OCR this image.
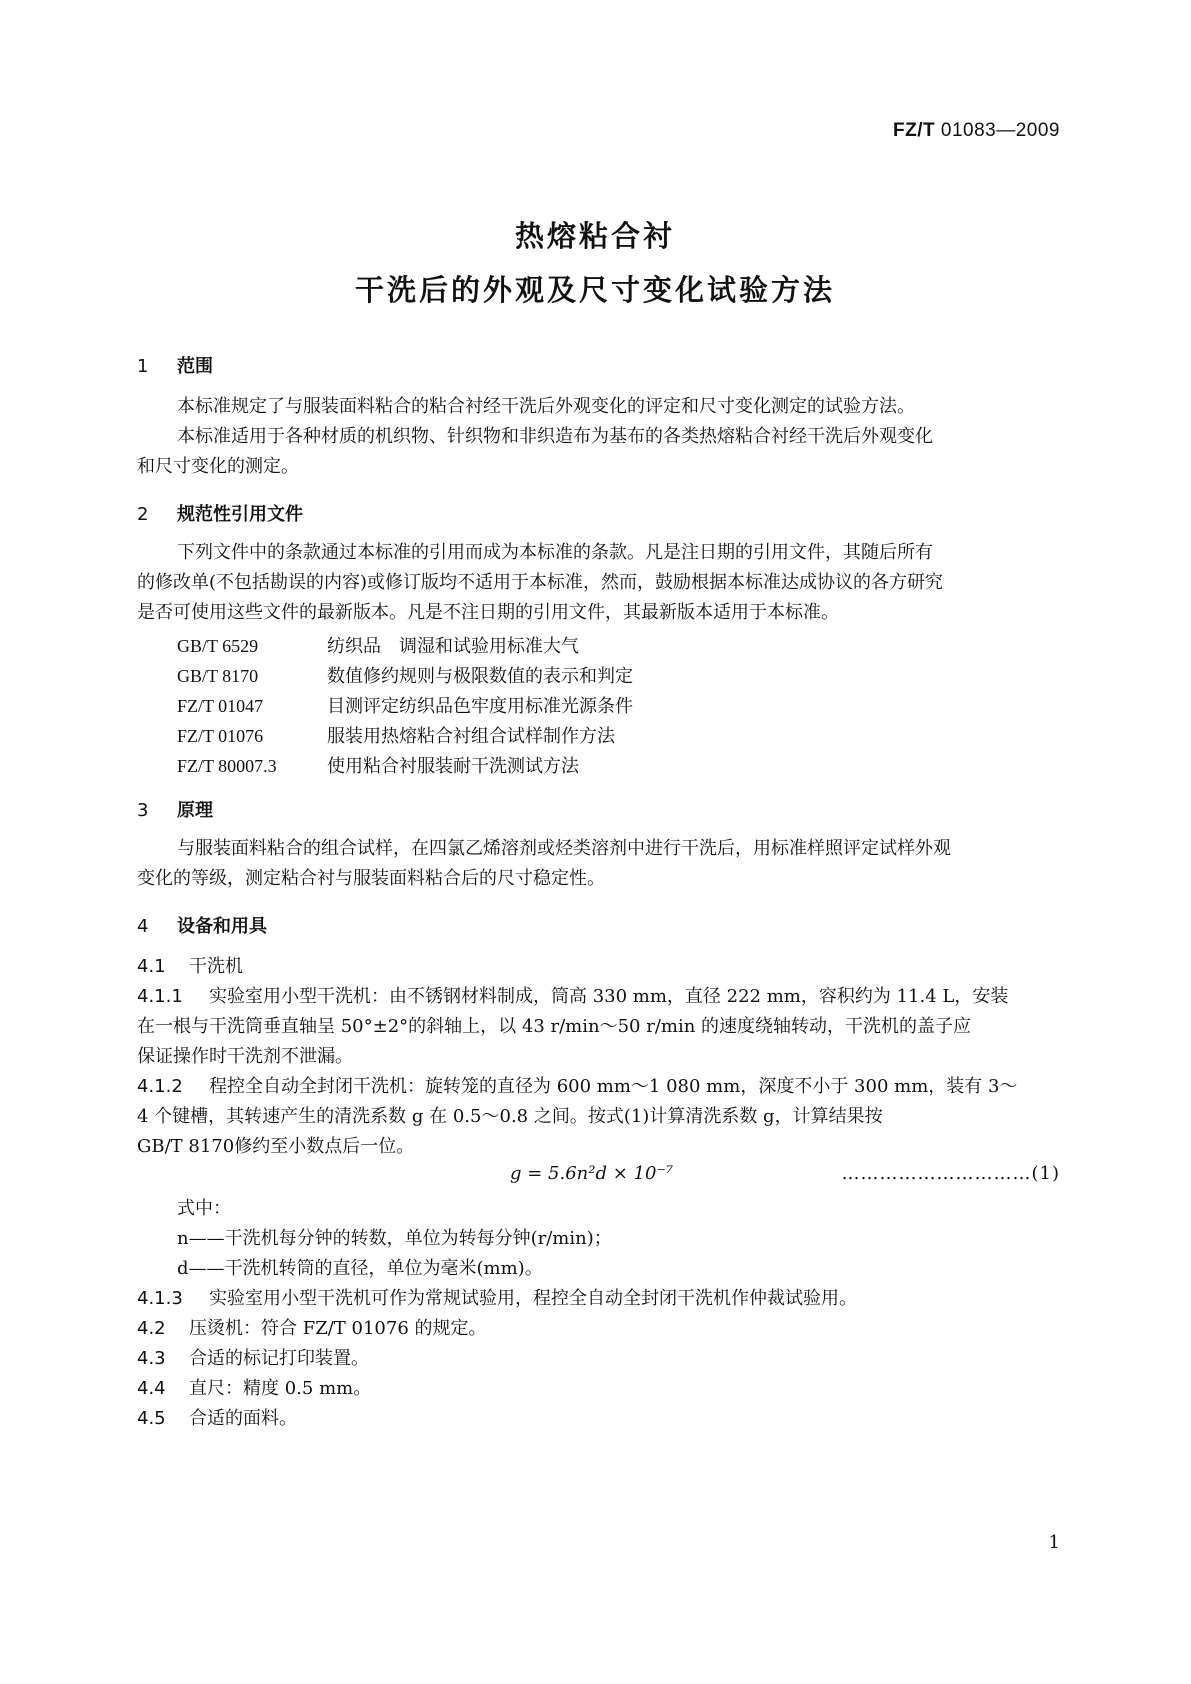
FZ/T 01083—2009
热熔粘合衬
干洗后的外观及尺寸变化试验方法
1 范围
本标准规定了与服装面料粘合的粘合衬经干洗后外观变化的评定和尺寸变化测定的试验方法。
本标准适用于各种材质的机织物、针织物和非织造布为基布的各类热熔粘合衬经干洗后外观变化
和尺寸变化的测定。
2 规范性引用文件
下列文件中的条款通过本标准的引用而成为本标准的条款。凡是注日期的引用文件，其随后所有
的修改单(不包括勘误的内容)或修订版均不适用于本标准，然而，鼓励根据本标准达成协议的各方研究
是否可使用这些文件的最新版本。凡是不注日期的引用文件，其最新版本适用于本标准。
GB/T 6529	纺织品　调湿和试验用标准大气
GB/T 8170	数值修约规则与极限数值的表示和判定
FZ/T 01047	目测评定纺织品色牢度用标准光源条件
FZ/T 01076	服装用热熔粘合衬组合试样制作方法
FZ/T 80007.3	使用粘合衬服装耐干洗测试方法
3 原理
与服装面料粘合的组合试样，在四氯乙烯溶剂或烃类溶剂中进行干洗后，用标准样照评定试样外观
变化的等级，测定粘合衬与服装面料粘合后的尺寸稳定性。
4 设备和用具
4.1 干洗机
4.1.1 实验室用小型干洗机：由不锈钢材料制成，筒高 330 mm，直径 222 mm，容积约为 11.4 L，安装
在一根与干洗筒垂直轴呈 50°±2°的斜轴上，以 43 r/min～50 r/min 的速度绕轴转动，干洗机的盖子应
保证操作时干洗剂不泄漏。
4.1.2 程控全自动全封闭干洗机：旋转笼的直径为 600 mm～1 080 mm，深度不小于 300 mm，装有 3～
4 个键槽，其转速产生的清洗系数 g 在 0.5～0.8 之间。按式(1)计算清洗系数 g，计算结果按
GB/T 8170修约至小数点后一位。
g = 5.6n²d × 10⁻⁷	…………………………(1)
式中：
n——干洗机每分钟的转数，单位为转每分钟(r/min)；
d——干洗机转筒的直径，单位为毫米(mm)。
4.1.3 实验室用小型干洗机可作为常规试验用，程控全自动全封闭干洗机作仲裁试验用。
4.2 压烫机：符合 FZ/T 01076 的规定。
4.3 合适的标记打印装置。
4.4 直尺：精度 0.5 mm。
4.5 合适的面料。
1
